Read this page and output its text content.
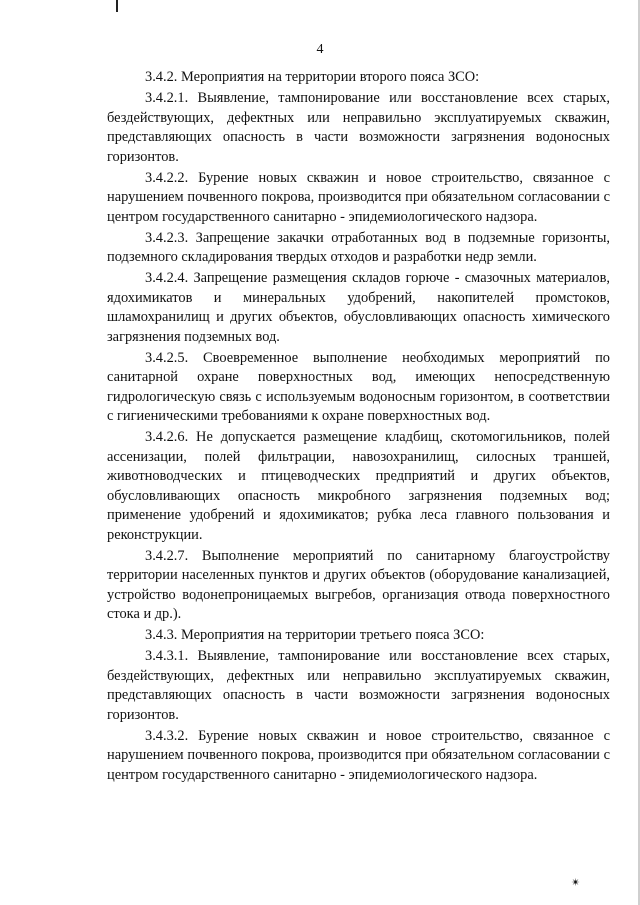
4

3.4.2. Мероприятия на территории второго пояса ЗСО:

3.4.2.1. Выявление, тампонирование или восстановление всех старых, бездействующих, дефектных или неправильно эксплуатируемых скважин, представляющих опасность в части возможности загрязнения водоносных горизонтов.

3.4.2.2. Бурение новых скважин и новое строительство, связанное с нарушением почвенного покрова, производится при обязательном согласовании с центром государственного санитарно - эпидемиологического надзора.

3.4.2.3. Запрещение закачки отработанных вод в подземные горизонты, подземного складирования твердых отходов и разработки недр земли.

3.4.2.4. Запрещение размещения складов горюче - смазочных материалов, ядохимикатов и минеральных удобрений, накопителей промстоков, шламохранилищ и других объектов, обусловливающих опасность химического загрязнения подземных вод.

3.4.2.5. Своевременное выполнение необходимых мероприятий по санитарной охране поверхностных вод, имеющих непосредственную гидрологическую связь с используемым водоносным горизонтом, в соответствии с гигиеническими требованиями к охране поверхностных вод.

3.4.2.6. Не допускается размещение кладбищ, скотомогильников, полей ассенизации, полей фильтрации, навозохранилищ, силосных траншей, животноводческих и птицеводческих предприятий и других объектов, обусловливающих опасность микробного загрязнения подземных вод; применение удобрений и ядохимикатов; рубка леса главного пользования и реконструкции.

3.4.2.7. Выполнение мероприятий по санитарному благоустройству территории населенных пунктов и других объектов (оборудование канализацией, устройство водонепроницаемых выгребов, организация отвода поверхностного стока и др.).

3.4.3. Мероприятия на территории третьего пояса ЗСО:

3.4.3.1. Выявление, тампонирование или восстановление всех старых, бездействующих, дефектных или неправильно эксплуатируемых скважин, представляющих опасность в части возможности загрязнения водоносных горизонтов.

3.4.3.2. Бурение новых скважин и новое строительство, связанное с нарушением почвенного покрова, производится при обязательном согласовании с центром государственного санитарно - эпидемиологического надзора.

✴
